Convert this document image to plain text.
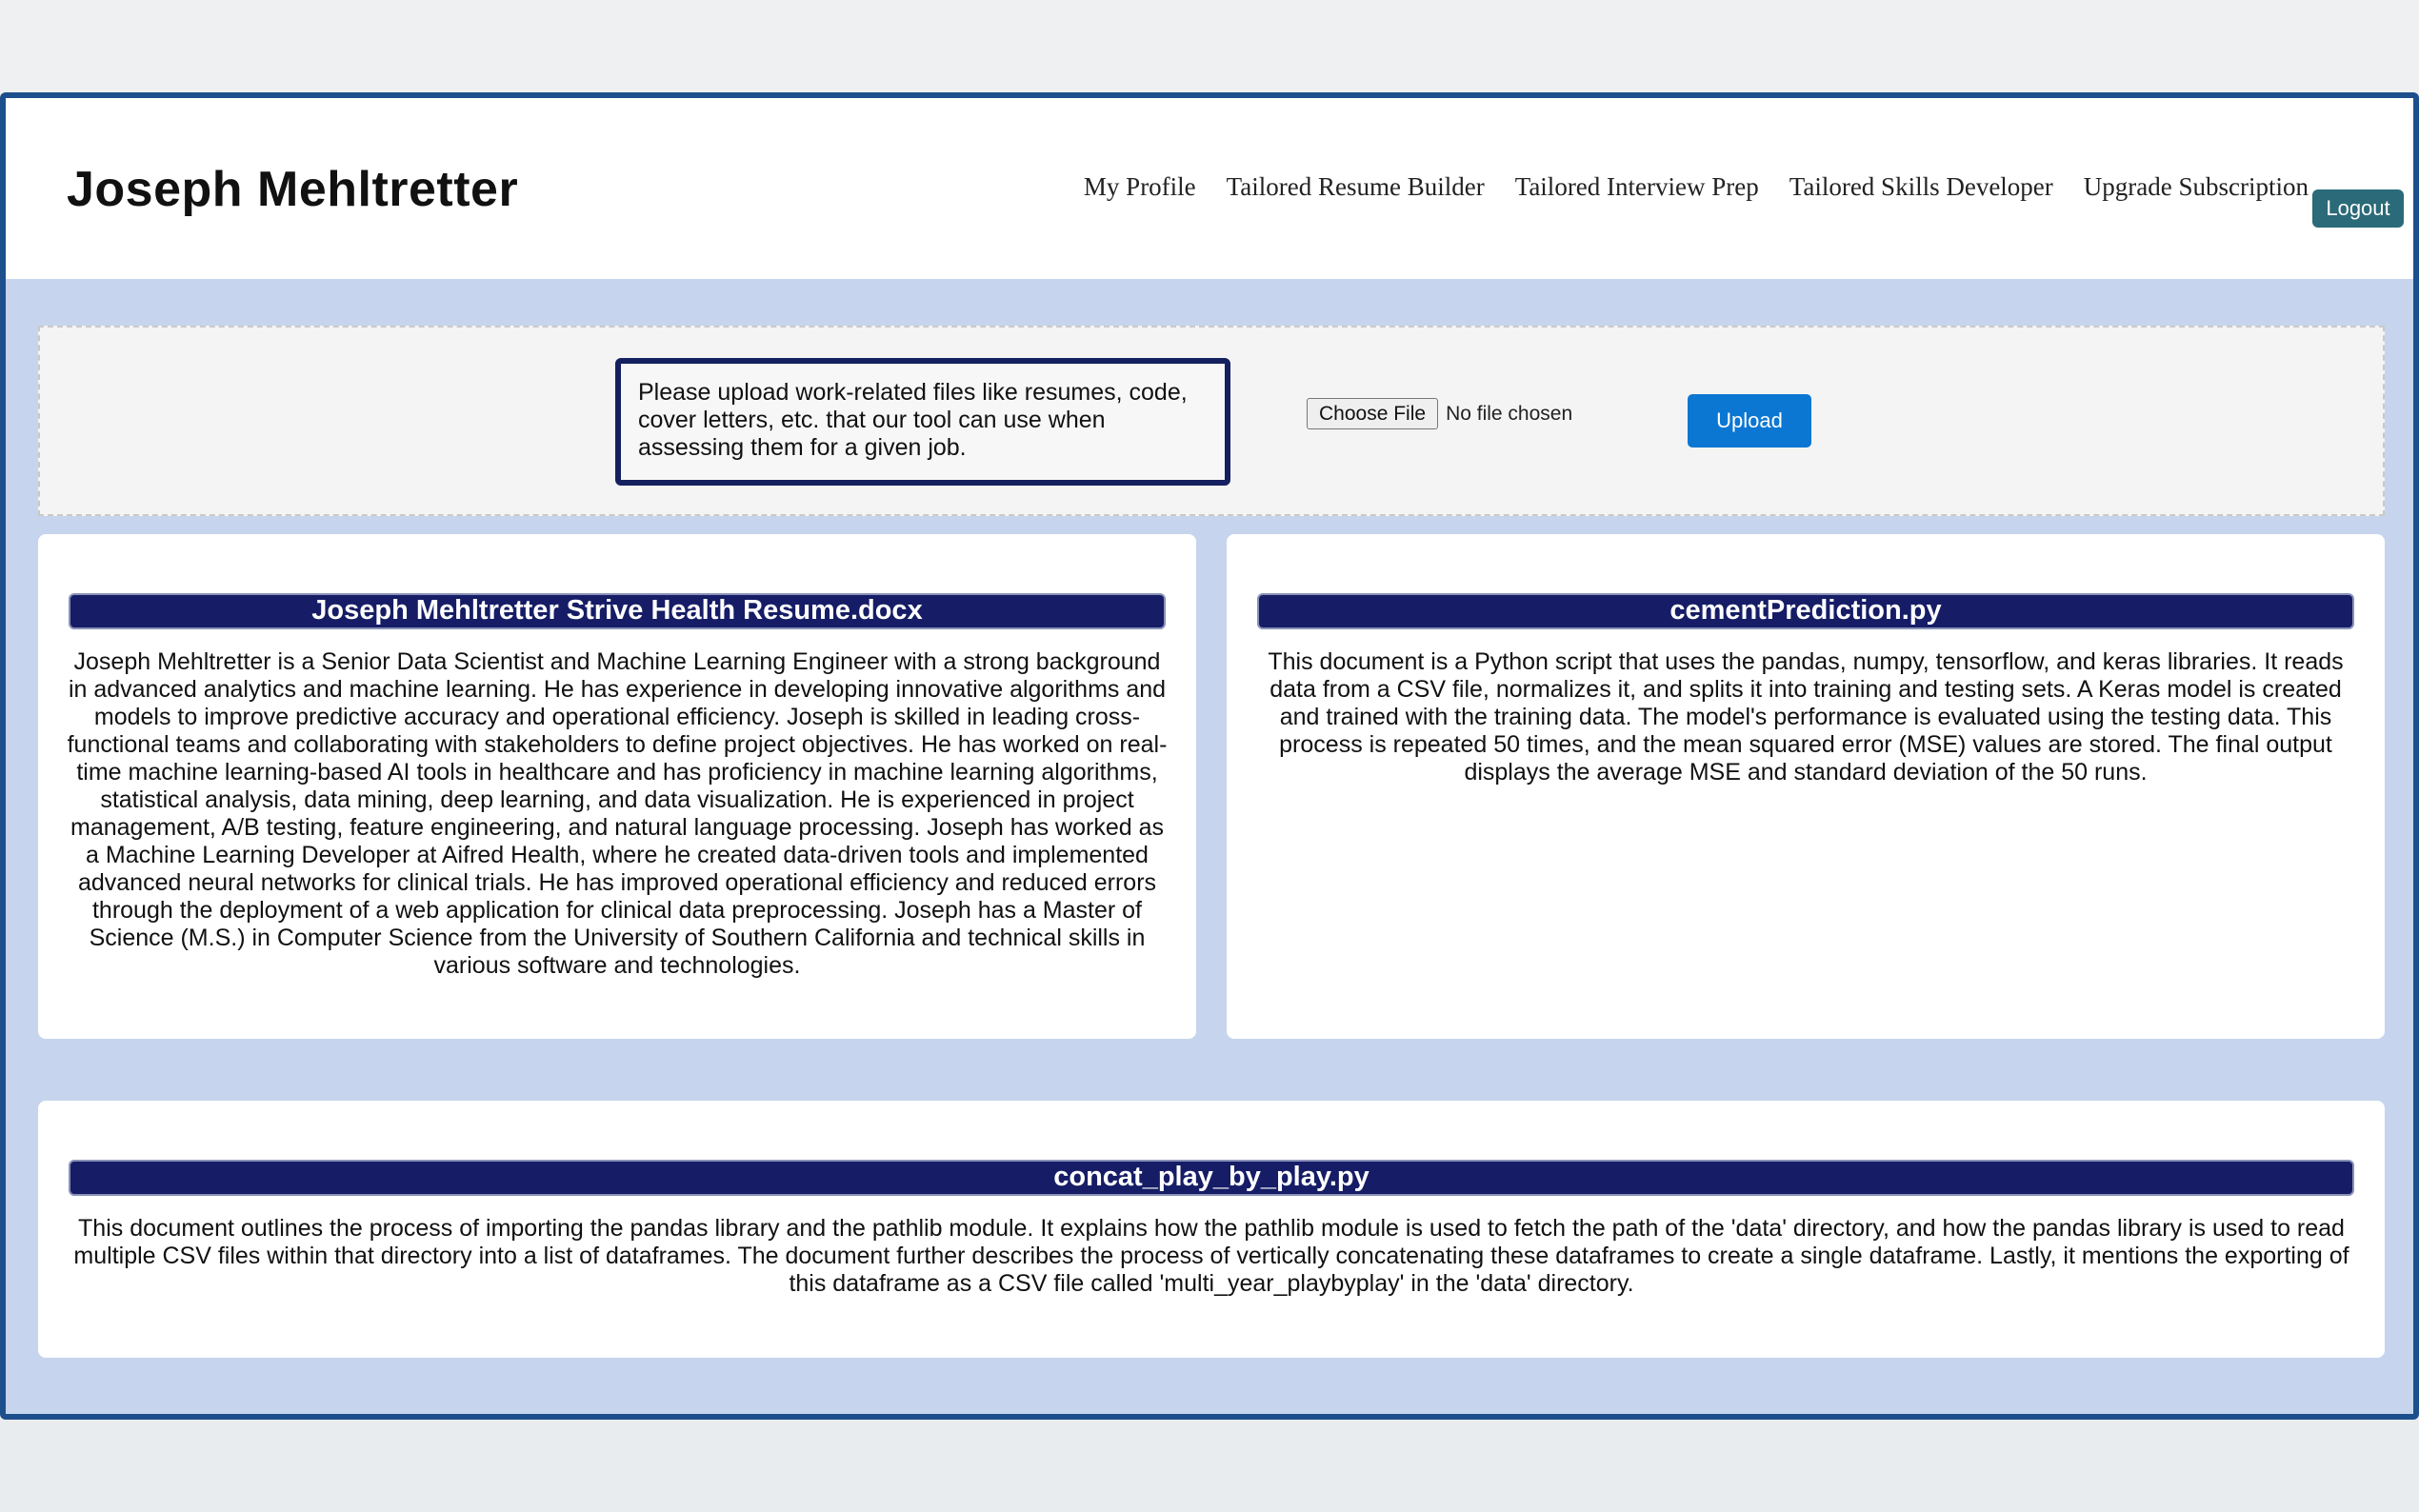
Joseph Mehltretter	My Profile Tailored Resume Builder Tailored Interview Prep Tailored Skills Developer Upgrade Subscription
Logout
Please upload work-related files like resumes, code, cover letters, etc. that our tool can use when assessing them for a given job.
Choose File	No file chosen	Upload
Joseph Mehltretter Strive Health Resume.docx

Joseph Mehltretter is a Senior Data Scientist and Machine Learning Engineer with a strong background in advanced analytics and machine learning. He has experience in developing innovative algorithms and models to improve predictive accuracy and operational efficiency. Joseph is skilled in leading cross-functional teams and collaborating with stakeholders to define project objectives. He has worked on real-time machine learning-based AI tools in healthcare and has proficiency in machine learning algorithms, statistical analysis, data mining, deep learning, and data visualization. He is experienced in project management, A/B testing, feature engineering, and natural language processing. Joseph has worked as a Machine Learning Developer at Aifred Health, where he created data-driven tools and implemented advanced neural networks for clinical trials. He has improved operational efficiency and reduced errors through the deployment of a web application for clinical data preprocessing. Joseph has a Master of Science (M.S.) in Computer Science from the University of Southern California and technical skills in various software and technologies.

cementPrediction.py

This document is a Python script that uses the pandas, numpy, tensorflow, and keras libraries. It reads data from a CSV file, normalizes it, and splits it into training and testing sets. A Keras model is created and trained with the training data. The model's performance is evaluated using the testing data. This process is repeated 50 times, and the mean squared error (MSE) values are stored. The final output displays the average MSE and standard deviation of the 50 runs.

concat_play_by_play.py

This document outlines the process of importing the pandas library and the pathlib module. It explains how the pathlib module is used to fetch the path of the 'data' directory, and how the pandas library is used to read multiple CSV files within that directory into a list of dataframes. The document further describes the process of vertically concatenating these dataframes to create a single dataframe. Lastly, it mentions the exporting of this dataframe as a CSV file called 'multi_year_playbyplay' in the 'data' directory.
